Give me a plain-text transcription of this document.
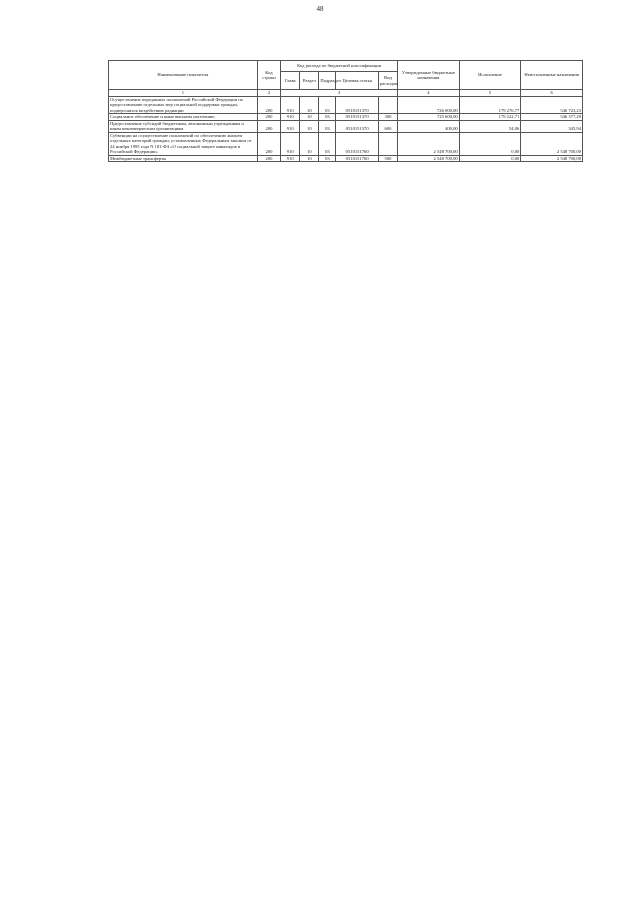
48
Наименование показателя	Код строки	Код расхода по бюджетной классификации					Утвержденные бюджетные назначения	Исполнение	Неисполненные назначения
		Глава	Раздел	Подраздел	Целевая статья	Вид расходов			
1	2	3					4	5	6
Осуществление переданных полномочий Российской Федерации по предоставлению отдельных мер социальной поддержки граждан, подвергшихся воздействию радиации	200	910	10	03	0510151370		726 000,00	179 276,77	546 723,23
Социальное обеспечение и иные выплаты населению	200	910	10	03	0510151370	300	725 600,00	179 222,71	546 377,29
Предоставление субсидий бюджетным, автономным учреждениям и иным некоммерческим организациям	200	910	10	03	0510151370	600	400,00	54,06	345,94
Субвенции на осуществление полномочий по обеспечению жильем отдельных категорий граждан, установленных Федеральным законом от 24 ноября 1995 года N 181-ФЗ «О социальной защите инвалидов в Российской Федерации»	200	910	10	03	0510151760		2 548 700,00	0,00	2 548 700,00
Межбюджетные трансферты	200	910	10	03	0510151760	500	2 548 700,00	0,00	2 548 700,00
